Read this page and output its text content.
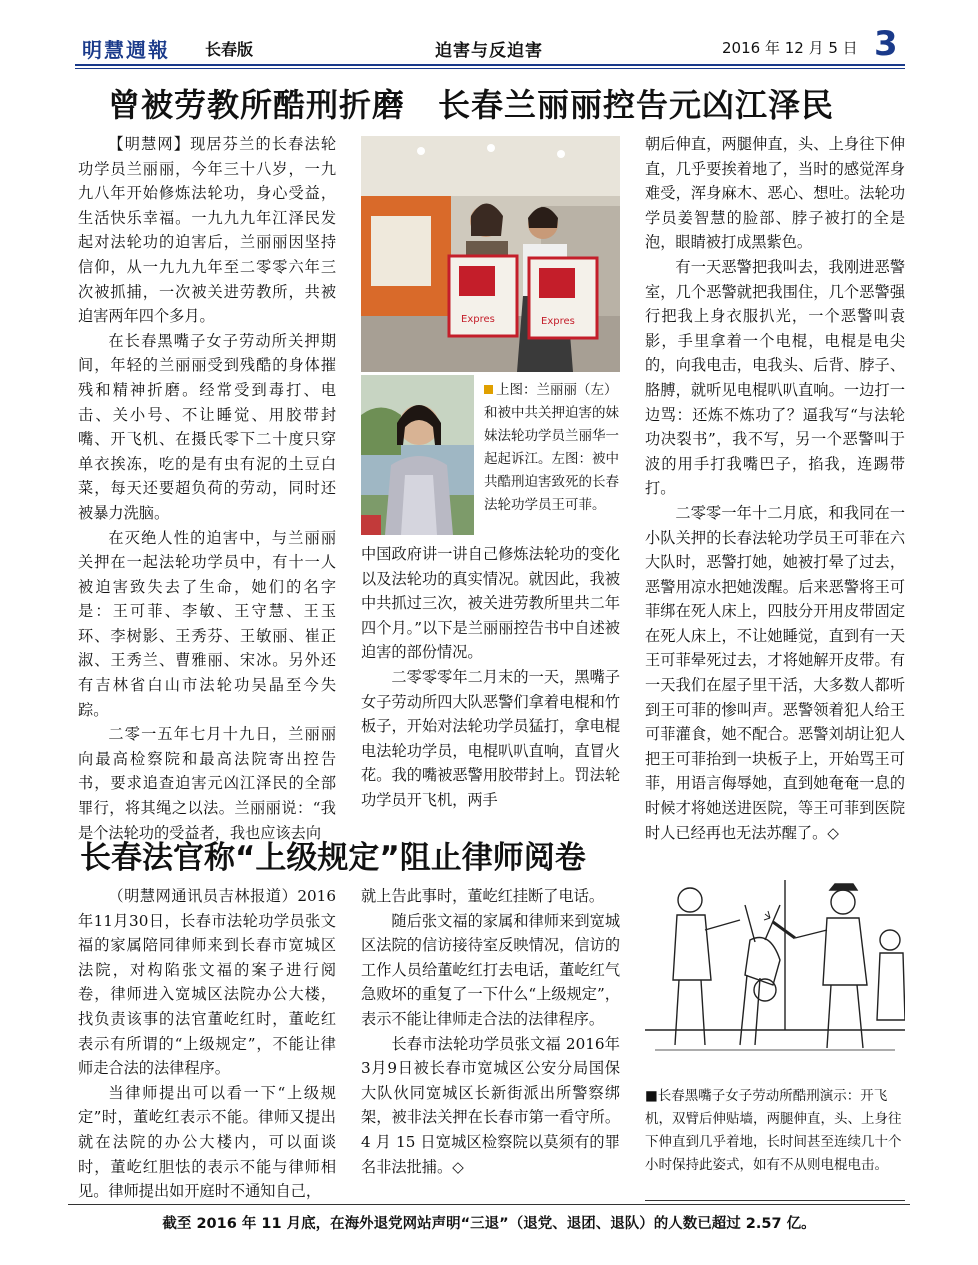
明慧週報 长春版	迫害与反迫害	2016 年 12 月 5 日 3
曾被劳教所酷刑折磨　长春兰丽丽控告元凶江泽民

【明慧网】现居芬兰的长春法轮功学员兰丽丽，今年三十八岁，一九九八年开始修炼法轮功，身心受益，生活快乐幸福。一九九九年江泽民发起对法轮功的迫害后，兰丽丽因坚持信仰，从一九九九年至二零零六年三次被抓捕，一次被关进劳教所，共被迫害两年四个多月。

在长春黑嘴子女子劳动所关押期间，年轻的兰丽丽受到残酷的身体摧残和精神折磨。经常受到毒打、电击、关小号、不让睡觉、用胶带封嘴、开飞机、在摄氏零下二十度只穿单衣挨冻，吃的是有虫有泥的土豆白菜，每天还要超负荷的劳动，同时还被暴力洗脑。

在灭绝人性的迫害中，与兰丽丽关押在一起法轮功学员中，有十一人被迫害致失去了生命，她们的名字是：王可菲、李敏、王守慧、王玉环、李树影、王秀芬、王敏丽、崔正淑、王秀兰、曹雅丽、宋冰。另外还有吉林省白山市法轮功吴晶至今失踪。

二零一五年七月十九日，兰丽丽向最高检察院和最高法院寄出控告书，要求追查迫害元凶江泽民的全部罪行，将其绳之以法。兰丽丽说：“我是个法轮功的受益者，我也应该去向

Expres	Expres
上图：兰丽丽（左）和被中共关押迫害的妹妹法轮功学员兰丽华一起起诉江。左图：被中共酷刑迫害致死的长春法轮功学员王可菲。

中国政府讲一讲自己修炼法轮功的变化以及法轮功的真实情况。就因此，我被中共抓过三次，被关进劳教所里共二年四个月。”以下是兰丽丽控告书中自述被迫害的部份情况。

二零零零年二月末的一天，黑嘴子女子劳动所四大队恶警们拿着电棍和竹板子，开始对法轮功学员猛打，拿电棍电法轮功学员，电棍叭叭直响，直冒火花。我的嘴被恶警用胶带封上。罚法轮功学员开飞机，两手

朝后伸直，两腿伸直，头、上身往下伸直，几乎要挨着地了，当时的感觉浑身难受，浑身麻木、恶心、想吐。法轮功学员姜智慧的脸部、脖子被打的全是泡，眼睛被打成黑紫色。

有一天恶警把我叫去，我刚进恶警室，几个恶警就把我围住，几个恶警强行把我上身衣服扒光，一个恶警叫袁影，手里拿着一个电棍，电棍是电尖的，向我电击，电我头、后背、脖子、胳膊，就听见电棍叭叭直响。一边打一边骂：还炼不炼功了？逼我写“与法轮功决裂书”，我不写，另一个恶警叫于波的用手打我嘴巴子，掐我，连踢带打。

二零零一年十二月底，和我同在一小队关押的长春法轮功学员王可菲在六大队时，恶警打她，她被打晕了过去，恶警用凉水把她泼醒。后来恶警将王可菲绑在死人床上，四肢分开用皮带固定在死人床上，不让她睡觉，直到有一天王可菲晕死过去，才将她解开皮带。有一天我们在屋子里干活，大多数人都听到王可菲的惨叫声。恶警领着犯人给王可菲灌食，她不配合。恶警刘胡让犯人把王可菲抬到一块板子上，开始骂王可菲，用语言侮辱她，直到她奄奄一息的时候才将她送进医院，等王可菲到医院时人已经再也无法苏醒了。◇

长春法官称“上级规定”阻止律师阅卷

（明慧网通讯员吉林报道）2016年11月30日，长春市法轮功学员张文福的家属陪同律师来到长春市宽城区法院，对构陷张文福的案子进行阅卷，律师进入宽城区法院办公大楼，找负责该事的法官董屹红时，董屹红表示有所谓的“上级规定”，不能让律师走合法的法律程序。

当律师提出可以看一下“上级规定”时，董屹红表示不能。律师又提出就在法院的办公大楼内，可以面谈时，董屹红胆怯的表示不能与律师相见。律师提出如开庭时不通知自己，

就上告此事时，董屹红挂断了电话。

随后张文福的家属和律师来到宽城区法院的信访接待室反映情况，信访的工作人员给董屹红打去电话，董屹红气急败坏的重复了一下什么“上级规定”，表示不能让律师走合法的法律程序。

长春市法轮功学员张文福 2016年3月9日被长春市宽城区公安分局国保大队伙同宽城区长新街派出所警察绑架，被非法关押在长春市第一看守所。4 月 15 日宽城区检察院以莫须有的罪名非法批捕。◇

■长春黑嘴子女子劳动所酷刑演示：开飞机，双臂后伸贴墙，两腿伸直，头、上身往下伸直到几乎着地，长时间甚至连续几十个小时保持此姿式，如有不从则电棍电击。
截至 2016 年 11 月底，在海外退党网站声明“三退”（退党、退团、退队）的人数已超过 2.57 亿。
